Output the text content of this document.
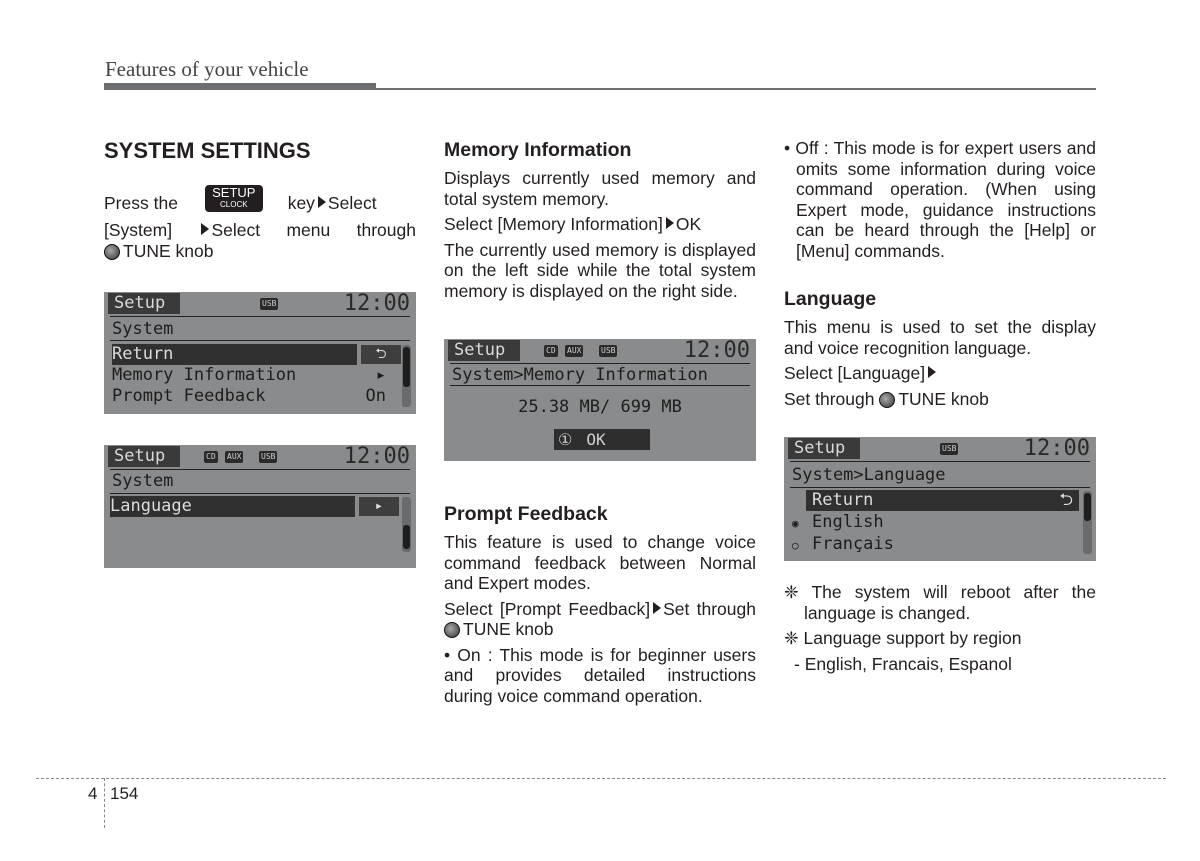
Features of your vehicle
SYSTEM SETTINGS

Press the
SETUP
CLOCK	key Select

[System]	Select menu through
TUNE knob
Setup	USB	12:00
System
Return	⮌
Memory Information	▸
Prompt Feedback	On
Setup	CD AUX USB	12:00
System
Language	▸
Memory Information

Displays currently used memory and total system memory.

Select [Memory Information] OK

The currently used memory is displayed on the left side while the total system memory is displayed on the right side.

Setup	CD AUX USB	12:00
System>Memory Information
25.38 MB/ 699 MB
① OK
Prompt Feedback

This feature is used to change voice command feedback between Normal and Expert modes.

Select [Prompt Feedback] Set through TUNE knob

• On : This mode is for beginner users and provides detailed instructions during voice command operation.

• Off : This mode is for expert users and omits some information during voice command operation. (When using Expert mode, guidance instructions can be heard through the [Help] or [Menu] commands.

Language

This menu is used to set the display and voice recognition language.

Select [Language]

Set through TUNE knob

Setup	USB	12:00
System>Language
Return	⮌
◉ English
○ Français

❈ The system will reboot after the language is changed.

❈ Language support by region

- English, Francais, Espanol

4 154
